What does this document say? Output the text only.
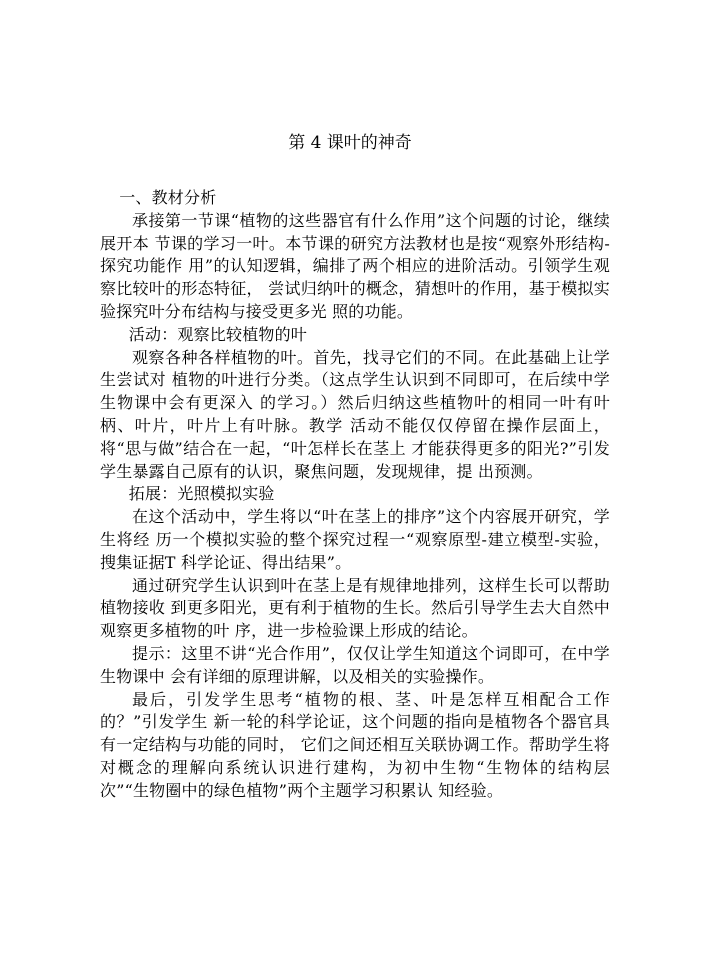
第 4 课叶的神奇

一、教材分析

承接第一节课“植物的这些器官有什么作用”这个问题的讨论，继续展开本 节课的学习一叶。本节课的研究方法教材也是按“观察外形结构-探究功能作 用”的认知逻辑，编排了两个相应的进阶活动。引领学生观察比较叶的形态特征， 尝试归纳叶的概念，猜想叶的作用，基于模拟实验探究叶分布结构与接受更多光 照的功能。

活动：观察比较植物的叶

观察各种各样植物的叶。首先，找寻它们的不同。在此基础上让学生尝试对 植物的叶进行分类。（这点学生认识到不同即可，在后续中学生物课中会有更深入 的学习。）然后归纳这些植物叶的相同一叶有叶柄、叶片，叶片上有叶脉。教学 活动不能仅仅停留在操作层面上，将“思与做”结合在一起，“叶怎样长在茎上 才能获得更多的阳光?”引发学生暴露自己原有的认识，聚焦问题，发现规律，提 出预测。

拓展：光照模拟实验

在这个活动中，学生将以“叶在茎上的排序”这个内容展开研究，学生将经 历一个模拟实验的整个探究过程一“观察原型-建立模型-实验，搜集证据T 科学论证、得出结果”。

通过研究学生认识到叶在茎上是有规律地排列，这样生长可以帮助植物接收 到更多阳光，更有利于植物的生长。然后引导学生去大自然中观察更多植物的叶 序，进一步检验课上形成的结论。

提示：这里不讲“光合作用”，仅仅让学生知道这个词即可，在中学生物课中 会有详细的原理讲解，以及相关的实验操作。

最后，引发学生思考“植物的根、茎、叶是怎样互相配合工作的？”引发学生 新一轮的科学论证，这个问题的指向是植物各个器官具有一定结构与功能的同时， 它们之间还相互关联协调工作。帮助学生将对概念的理解向系统认识进行建构，为初中生物“生物体的结构层次”“生物圈中的绿色植物”两个主题学习积累认 知经验。
